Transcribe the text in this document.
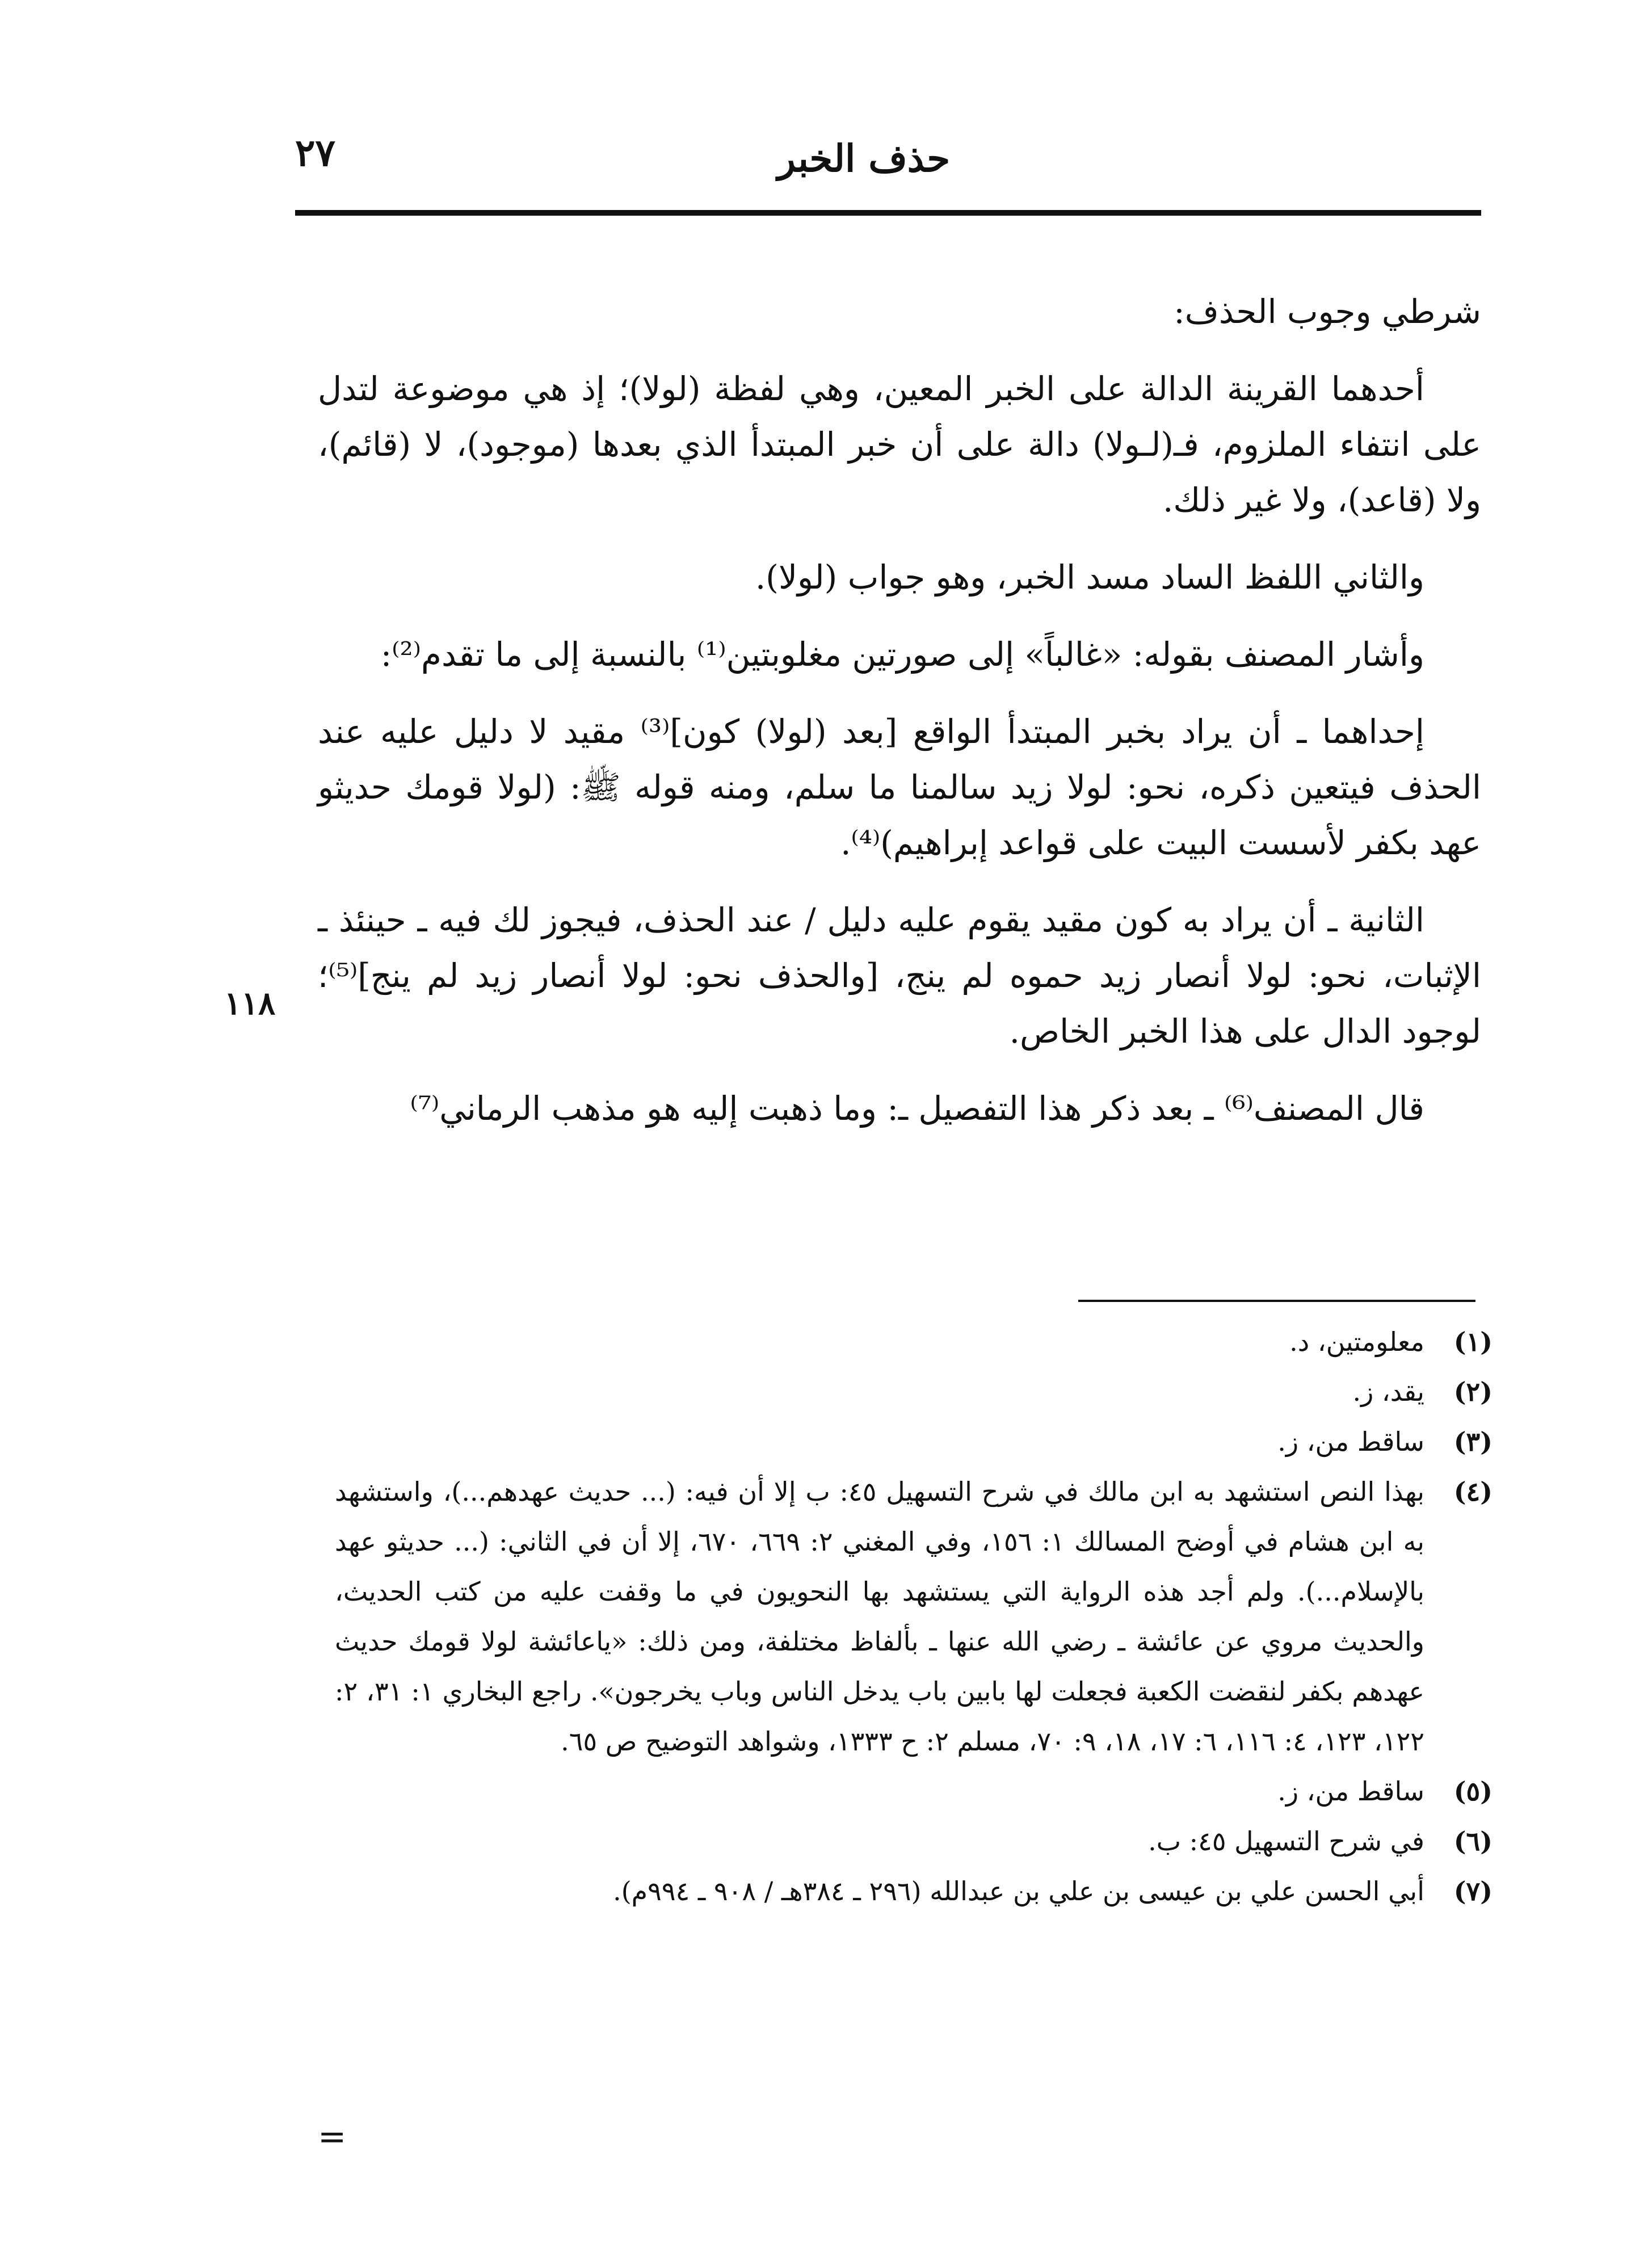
٢٧	حذف الخبر
١١٨

شرطي وجوب الحذف:

أحدهما القرينة الدالة على الخبر المعين، وهي لفظة (لولا)؛ إذ هي موضوعة لتدل على انتفاء الملزوم، فـ(لـولا) دالة على أن خبر المبتدأ الذي بعدها (موجود)، لا (قائم)، ولا (قاعد)، ولا غير ذلك.

والثاني اللفظ الساد مسد الخبر، وهو جواب (لولا).

وأشار المصنف بقوله: «غالباً» إلى صورتين مغلوبتين⁽¹⁾ بالنسبة إلى ما تقدم⁽²⁾:

إحداهما ـ أن يراد بخبر المبتدأ الواقع [بعد (لولا) كون]⁽³⁾ مقيد لا دليل عليه عند الحذف فيتعين ذكره، نحو: لولا زيد سالمنا ما سلم، ومنه قوله ﷺ: (لولا قومك حديثو عهد بكفر لأسست البيت على قواعد إبراهيم)⁽⁴⁾.

الثانية ـ أن يراد به كون مقيد يقوم عليه دليل / عند الحذف، فيجوز لك فيه ـ حينئذ ـ الإثبات، نحو: لولا أنصار زيد حموه لم ينج، [والحذف نحو: لولا أنصار زيد لم ينج]⁽⁵⁾؛ لوجود الدال على هذا الخبر الخاص.

قال المصنف⁽⁶⁾ ـ بعد ذكر هذا التفصيل ـ: وما ذهبت إليه هو مذهب الرماني⁽⁷⁾

(١)
معلومتين، د.
(٢)
يقد، ز.
(٣)
ساقط من، ز.
(٤)
بهذا النص استشهد به ابن مالك في شرح التسهيل ٤٥: ب إلا أن فيه: (... حديث عهدهم...)، واستشهد به ابن هشام في أوضح المسالك ١: ١٥٦، وفي المغني ٢: ٦٦٩، ٦٧٠، إلا أن في الثاني: (... حديثو عهد بالإسلام...). ولم أجد هذه الرواية التي يستشهد بها النحويون في ما وقفت عليه من كتب الحديث، والحديث مروي عن عائشة ـ رضي الله عنها ـ بألفاظ مختلفة، ومن ذلك: «ياعائشة لولا قومك حديث عهدهم بكفر لنقضت الكعبة فجعلت لها بابين باب يدخل الناس وباب يخرجون». راجع البخاري ١: ٣١، ٢: ١٢٢، ١٢٣، ٤: ١١٦، ٦: ١٧، ١٨، ٩: ٧٠، مسلم ٢: ح ١٣٣٣، وشواهد التوضيح ص ٦٥.
(٥)
ساقط من، ز.
(٦)
في شرح التسهيل ٤٥: ب.
(٧)
أبي الحسن علي بن عيسى بن علي بن عبدالله (٢٩٦ ـ ٣٨٤هـ / ٩٠٨ ـ ٩٩٤م).
=
